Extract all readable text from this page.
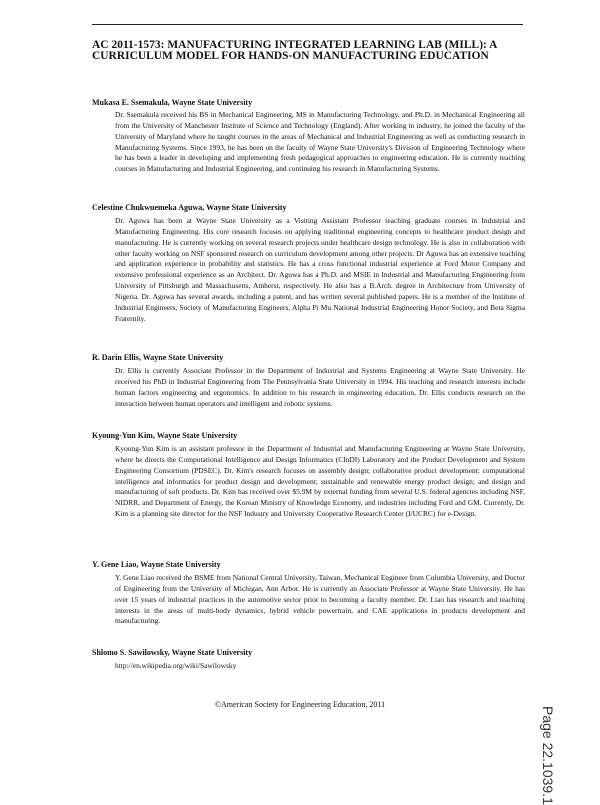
AC 2011-1573: MANUFACTURING INTEGRATED LEARNING LAB (MILL): A CURRICULUM MODEL FOR HANDS-ON MANUFACTURING EDUCATION
Mukasa E. Ssemakula, Wayne State University
Dr. Ssemakula received his BS in Mechanical Engineering, MS in Manufacturing Technology, and Ph.D. in Mechanical Engineering all from the University of Manchester Institute of Science and Technology (England). After working in industry, he joined the faculty of the University of Maryland where he taught courses in the areas of Mechanical and Industrial Engineering as well as conducting research in Manufacturing Systems. Since 1993, he has been on the faculty of Wayne State University's Division of Engineering Technology where he has been a leader in developing and implementing fresh pedagogical approaches to engineering education. He is currently teaching courses in Manufacturing and Industrial Engineering, and continuing his research in Manufacturing Systems.
Celestine Chukwuemeka Aguwa, Wayne State University
Dr. Aguwa has been at Wayne State University as a Visiting Assistant Professor teaching graduate courses in Industrial and Manufacturing Engineering. His core research focuses on applying traditional engineering concepts to healthcare product design and manufacturing. He is currently working on several research projects under healthcare design technology. He is also in collaboration with other faculty working on NSF sponsored research on curriculum development among other projects. Dr Aguwa has an extensive teaching and application experience in probability and statistics. He has a cross functional industrial experience at Ford Motor Company and extensive professional experience as an Architect. Dr. Aguwa has a Ph.D. and MSIE in Industrial and Manufacturing Engineering from University of Pittsburgh and Massachusetts, Amherst, respectively. He also has a B.Arch. degree in Architecture from University of Nigeria. Dr. Aguwa has several awards, including a patent, and has written several published papers. He is a member of the Institute of Industrial Engineers, Society of Manufacturing Engineers, Alpha Pi Mu National Industrial Engineering Honor Society, and Beta Sigma Fraternity.
R. Darin Ellis, Wayne State University
Dr. Ellis is currently Associate Professor in the Department of Industrial and Systems Engineering at Wayne State University. He received his PhD in Industrial Engineering from The Pennsylvania State University in 1994. His teaching and research interests include human factors engineering and ergonomics. In addition to his research in engineering education, Dr. Ellis conducts research on the interaction between human operators and intelligent and robotic systems.
Kyoung-Yun Kim, Wayne State University
Kyoung-Yun Kim is an assistant professor in the Department of Industrial and Manufacturing Engineering at Wayne State University, where he directs the Computational Intelligence and Design Informatics (CInDI) Laboratory and the Product Development and System Engineering Consortium (PDSEC). Dr. Kim's research focuses on assembly design; collaborative product development; computational intelligence and informatics for product design and development; sustainable and renewable energy product design; and design and manufacturing of soft products. Dr. Kim has received over $5.9M by external funding from several U.S. federal agencies including NSF, NIDRR, and Department of Energy, the Korean Ministry of Knowledge Economy, and industries including Ford and GM. Currently, Dr. Kim is a planning site director for the NSF Industry and University Cooperative Research Center (I/UCRC) for e-Design.
Y. Gene Liao, Wayne State University
Y. Gene Liao received the BSME from National Central University, Taiwan, Mechanical Engineer from Columbia University, and Doctor of Engineering from the University of Michigan, Ann Arbor. He is currently an Associate Professor at Wayne State University. He has over 15 years of industrial practices in the automotive sector prior to becoming a faculty member. Dr. Liao has research and teaching interests in the areas of multi-body dynamics, hybrid vehicle powertrain, and CAE applications in products development and manufacturing.
Shlomo S. Sawilowsky, Wayne State University
http://en.wikipedia.org/wiki/Sawilowsky
©American Society for Engineering Education, 2011
Page 22.1039.1
